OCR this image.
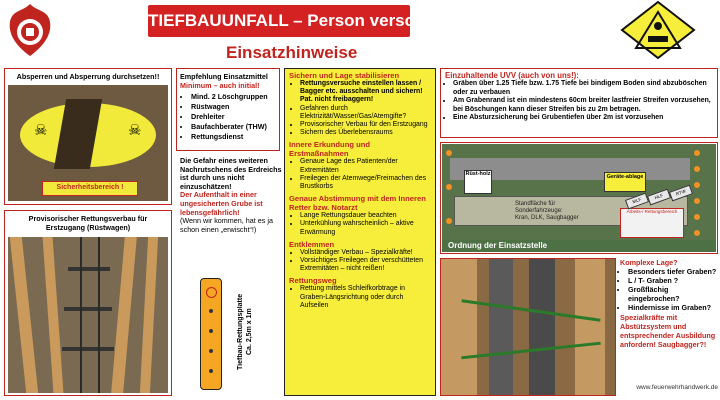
TIEFBAUUNFALL – Person verschüttet
Einsatzhinweise
Absperren und Absperrung durchsetzen!!
☠	☠
Sicherheitsbereich !
Provisorischer Rettungsverbau für Erstzugang (Rüstwagen)
Empfehlung Einsatzmittel
Minimum – auch initial!
• Mind. 2 Löschgruppen
• Rüstwagen
• Drehleiter
• Baufachberater (THW)
• Rettungsdienst
Die Gefahr eines weiteren Nachrutschens des Erdreichs ist durch uns nicht einzuschätzen!
Der Aufenthalt in einer ungesicherten Grube ist lebensgefährlich!
(Wenn wir kommen, hat es ja schon einen „erwischt“!)
Tiefbau-Rettungsplatte Ca. 2,5m x 1m
Sichern und Lage stabilisieren
• Rettungsversuche einstellen lassen / Bagger etc. ausschalten und sichern! Pat. nicht freibaggern!
• Gefahren durch Elektrizität/Wasser/Gas/Atemgifte?
• Provisorischer Verbau für den Erstzugang
• Sichern des Überlebensraums
Innere Erkundung und Erstmaßnahmen
• Genaue Lage des Patienten/der Extremitäten
• Freilegen der Atemwege/Freimachen des Brustkorbs
Genaue Abstimmung mit dem Inneren Retter bzw. Notarzt
• Lange Rettungsdauer beachten
• Unterkühlung wahrscheinlich – aktive Erwärmung
Entklemmen
• Vollständiger Verbau – Spezialkräfte!
• Vorsichtiges Freilegen der verschütteten Extremitäten – nicht reißen!
Rettungsweg
• Rettung mittels Schleifkorbtrage in Graben-Längsrichtung oder durch Aufseilen
Einzuhaltende UVV (auch von uns!):
• Gräben über 1.25 Tiefe bzw. 1.75 Tiefe bei bindigem Boden sind abzuböschen oder zu verbauen
• Am Grabenrand ist ein mindestens 60cm breiter lastfreier Streifen vorzusehen, bei Böschungen kann dieser Streifen bis zu 2m betragen.
• Eine Absturzsicherung bei Grubentiefen über 2m ist vorzusehen
Rüst-holz	Geräte-ablage
Standfläche für
Sonderfahrzeuge:
Kran, DLK, Saugbagger
Arbeits-/ Rettungsbereich
MLF
HLF	RTW
Ordnung der Einsatzstelle
Komplexe Lage?
• Besonders tiefer Graben?
• L / T- Graben ?
• Großflächig eingebrochen?
• Hindernisse im Graben?
Spezialkräfte mit Abstützsystem und entsprechender Ausbildung anfordern! Saugbagger?!
www.feuerwehrhandwerk.de
